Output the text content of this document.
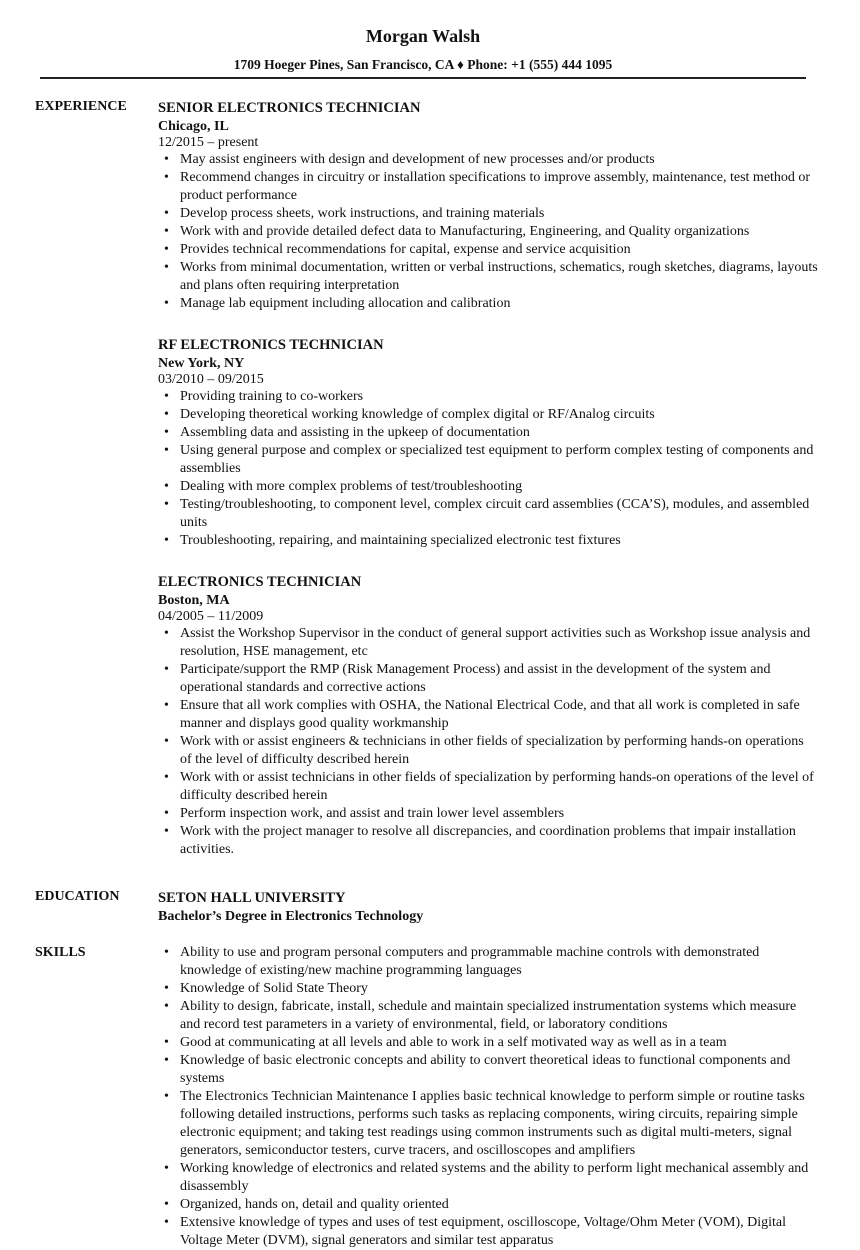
Morgan Walsh
1709 Hoeger Pines, San Francisco, CA ♦ Phone: +1 (555) 444 1095
EXPERIENCE SENIOR ELECTRONICS TECHNICIAN
Chicago, IL
12/2015 – present
• May assist engineers with design and development of new processes and/or products
• Recommend changes in circuitry or installation specifications to improve assembly, maintenance, test method or product performance
• Develop process sheets, work instructions, and training materials
• Work with and provide detailed defect data to Manufacturing, Engineering, and Quality organizations
• Provides technical recommendations for capital, expense and service acquisition
• Works from minimal documentation, written or verbal instructions, schematics, rough sketches, diagrams, layouts and plans often requiring interpretation
• Manage lab equipment including allocation and calibration
RF ELECTRONICS TECHNICIAN
New York, NY
03/2010 – 09/2015
• Providing training to co-workers
• Developing theoretical working knowledge of complex digital or RF/Analog circuits
• Assembling data and assisting in the upkeep of documentation
• Using general purpose and complex or specialized test equipment to perform complex testing of components and assemblies
• Dealing with more complex problems of test/troubleshooting
• Testing/troubleshooting, to component level, complex circuit card assemblies (CCA’S), modules, and assembled units
• Troubleshooting, repairing, and maintaining specialized electronic test fixtures
ELECTRONICS TECHNICIAN
Boston, MA
04/2005 – 11/2009
• Assist the Workshop Supervisor in the conduct of general support activities such as Workshop issue analysis and resolution, HSE management, etc
• Participate/support the RMP (Risk Management Process) and assist in the development of the system and operational standards and corrective actions
• Ensure that all work complies with OSHA, the National Electrical Code, and that all work is completed in safe manner and displays good quality workmanship
• Work with or assist engineers & technicians in other fields of specialization by performing hands-on operations of the level of difficulty described herein
• Work with or assist technicians in other fields of specialization by performing hands-on operations of the level of difficulty described herein
• Perform inspection work, and assist and train lower level assemblers
• Work with the project manager to resolve all discrepancies, and coordination problems that impair installation activities.
EDUCATION	SETON HALL UNIVERSITY
Bachelor’s Degree in Electronics Technology
SKILLS
•	Ability to use and program personal computers and programmable machine controls with demonstrated knowledge of existing/new machine programming languages
• Knowledge of Solid State Theory
• Ability to design, fabricate, install, schedule and maintain specialized instrumentation systems which measure and record test parameters in a variety of environmental, field, or laboratory conditions
• Good at communicating at all levels and able to work in a self motivated way as well as in a team
• Knowledge of basic electronic concepts and ability to convert theoretical ideas to functional components and systems
• The Electronics Technician Maintenance I applies basic technical knowledge to perform simple or routine tasks following detailed instructions, performs such tasks as replacing components, wiring circuits, repairing simple electronic equipment; and taking test readings using common instruments such as digital multi-meters, signal generators, semiconductor testers, curve tracers, and oscilloscopes and amplifiers
• Working knowledge of electronics and related systems and the ability to perform light mechanical assembly and disassembly
• Organized, hands on, detail and quality oriented
• Extensive knowledge of types and uses of test equipment, oscilloscope, Voltage/Ohm Meter (VOM), Digital Voltage Meter (DVM), signal generators and similar test apparatus
